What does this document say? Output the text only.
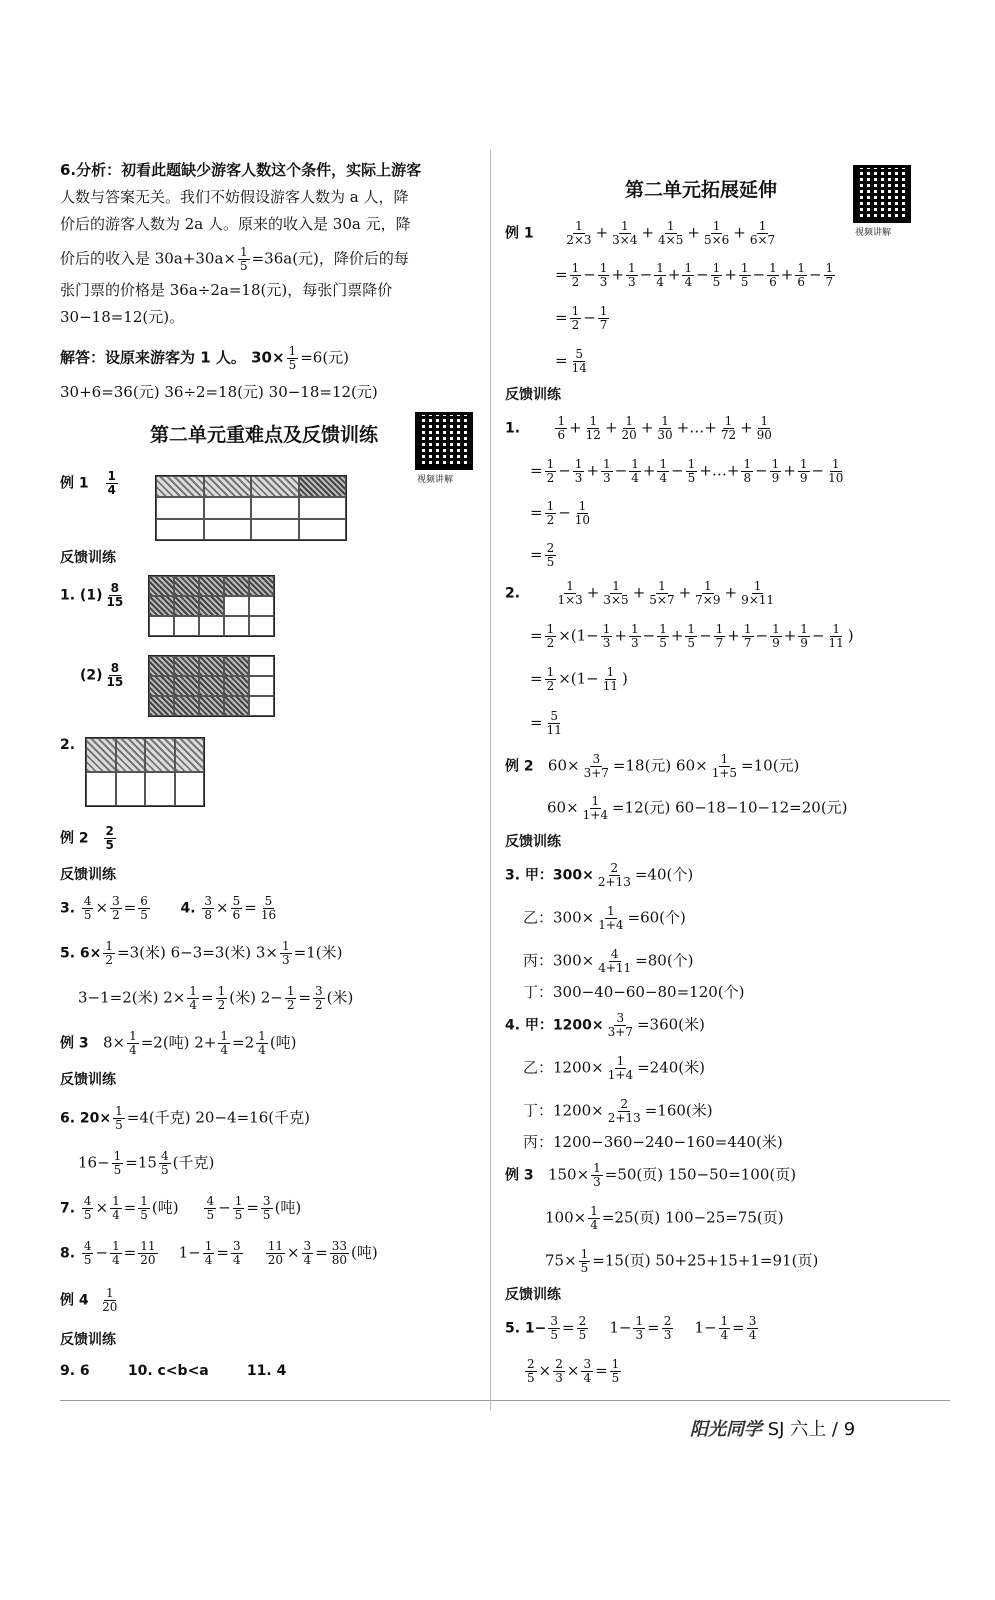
6.分析：初看此题缺少游客人数这个条件，实际上游客
人数与答案无关。我们不妨假设游客人数为 a 人，降
价后的游客人数为 2a 人。原来的收入是 30a 元，降
价后的收入是 $30a+30a\times \frac{1}{5} =36a$(元)，降价后的每
张门票的价格是 36a÷2a=18(元)，每张门票降价
30−18=12(元)。
解答：设原来游客为 1 人。 $30\times \frac{1}{5} =6$(元)
30+6=36(元) 36÷2=18(元) 30−18=12(元)
第二单元重难点及反馈训练
视频讲解
例 $1 \frac{1}{4}$
反馈训练
1. $(1) \frac{8}{15}$
$(2) \frac{8}{15}$
2.
例 $2 \frac{2}{5}$
反馈训练
3. $\frac{4}{5} \times \frac{3}{2} = \frac{6}{5} 4$. $\frac{3}{8} \times \frac{5}{6} = \frac{5}{16}$
5. $6\times \frac{1}{2} =3$(米) 6−3=3(米) $3\times \frac{1}{3} =1$(米)
3−1=2(米) $2\times \frac{1}{4} = \frac{1}{2}$ (米) $2- \frac{1}{2} = \frac{3}{2}$ (米)
例 3 $8\times \frac{1}{4} =2$(吨) $2+ \frac{1}{4} =2 \frac{1}{4}$ (吨)
反馈训练
6. $20\times \frac{1}{5} =4$(千克) 20−4=16(千克)
$16- \frac{1}{5} =15 \frac{4}{5}$ (千克)
7. $\frac{4}{5} \times \frac{1}{4} = \frac{1}{5}$ (吨) $\frac{4}{5} - \frac{1}{5} = \frac{3}{5}$ (吨)
8. $\frac{4}{5} - \frac{1}{4} = \frac{11}{20} 1- \frac{1}{4} = \frac{3}{4}$
$\frac{11}{20} \times \frac{3}{4} = \frac{33}{80}$ (吨)
例 $4 \frac{1}{20}$
反馈训练
9. 6	10. c<b<a	11. 4
第二单元拓展延伸
视频讲解
例 1	$\frac{1}{2\times 3} + \frac{1}{3\times 4} + \frac{1}{4\times 5} + \frac{1}{5\times 6} + \frac{1}{6\times 7}$
= $\frac{1}{2} - \frac{1}{3} + \frac{1}{3} - \frac{1}{4} + \frac{1}{4} - \frac{1}{5} + \frac{1}{5} - \frac{1}{6} + \frac{1}{6} - \frac{1}{7}$
= $\frac{1}{2} - \frac{1}{7}$
= $\frac{5}{14}$
反馈训练
1.	$\frac{1}{6} + \frac{1}{12} + \frac{1}{20} + \frac{1}{30}$ +…+ $\frac{1}{72} + \frac{1}{90}$
= $\frac{1}{2} - \frac{1}{3} + \frac{1}{3} - \frac{1}{4} + \frac{1}{4} - \frac{1}{5}$ +…+ $\frac{1}{8} - \frac{1}{9} + \frac{1}{9} - \frac{1}{10}$
= $\frac{1}{2} - \frac{1}{10}$
= $\frac{2}{5}$
2.	$\frac{1}{1\times 3} + \frac{1}{3\times 5} + \frac{1}{5\times 7} + \frac{1}{7\times 9} + \frac{1}{9\times 11}$
= $\frac{1}{2} \times(1- \frac{1}{3} + \frac{1}{3} - \frac{1}{5} + \frac{1}{5} - \frac{1}{7} + \frac{1}{7} - \frac{1}{9} + \frac{1}{9} - \frac{1}{11}$ )
= $\frac{1}{2} \times(1- \frac{1}{11}$ )
= $\frac{5}{11}$
例 2   $60\times \frac{3}{3+7} =18$(元) $60\times \frac{1}{1+5} =10$(元)
$60\times \frac{1}{1+4} =12$(元) 60−18−10−12=20(元)
反馈训练
3. 甲：$300\times \frac{2}{2+13} =40$(个)
乙：$300\times \frac{1}{1+4} =60$(个)
丙：$300\times \frac{4}{4+11} =80$(个)
丁：300−40−60−80=120(个)
4. 甲：$1200\times \frac{3}{3+7} =360$(米)
乙：$1200\times \frac{1}{1+4} =240$(米)
丁：$1200\times \frac{2}{2+13} =160$(米)
丙：1200−360−240−160=440(米)
例 3 $150\times \frac{1}{3} =50$(页) 150−50=100(页)
$100\times \frac{1}{4} =25$(页) 100−25=75(页)
$75\times \frac{1}{5} =15$(页) 50+25+15+1=91(页)
反馈训练
5. $1- \frac{3}{5} = \frac{2}{5} 1- \frac{1}{3} = \frac{2}{3} 1- \frac{1}{4} = \frac{3}{4}$
$\frac{2}{5} \times \frac{2}{3} \times \frac{3}{4} = \frac{1}{5}$
阳光同学 SJ 六上 / 9
